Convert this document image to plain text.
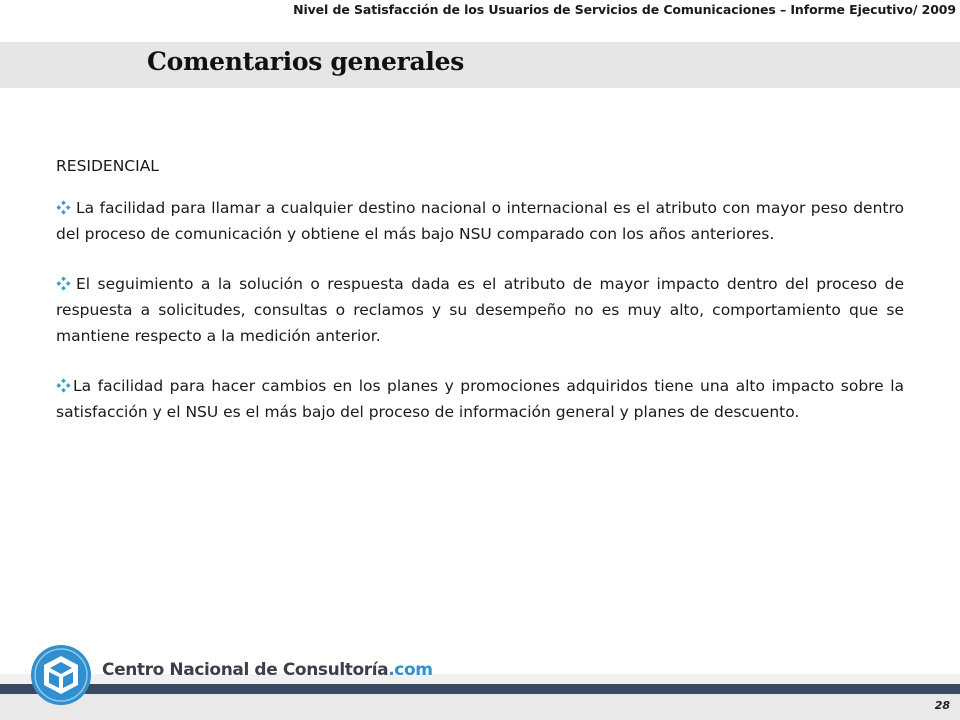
Nivel de Satisfacción de los Usuarios de Servicios de Comunicaciones – Informe Ejecutivo/ 2009
Comentarios generales
RESIDENCIAL

La facilidad para llamar a cualquier destino nacional o internacional es el atributo con mayor peso dentro del proceso de comunicación y obtiene el más bajo NSU comparado con los años anteriores.

El seguimiento a la solución o respuesta dada es el atributo de mayor impacto dentro del proceso de respuesta a solicitudes, consultas o reclamos y su desempeño no es muy alto, comportamiento que se mantiene respecto a la medición anterior.

La facilidad para hacer cambios en los planes y promociones adquiridos tiene una alto impacto sobre la satisfacción y el NSU es el más bajo del proceso de información general y planes de descuento.

Centro Nacional de Consultoría.com
28
